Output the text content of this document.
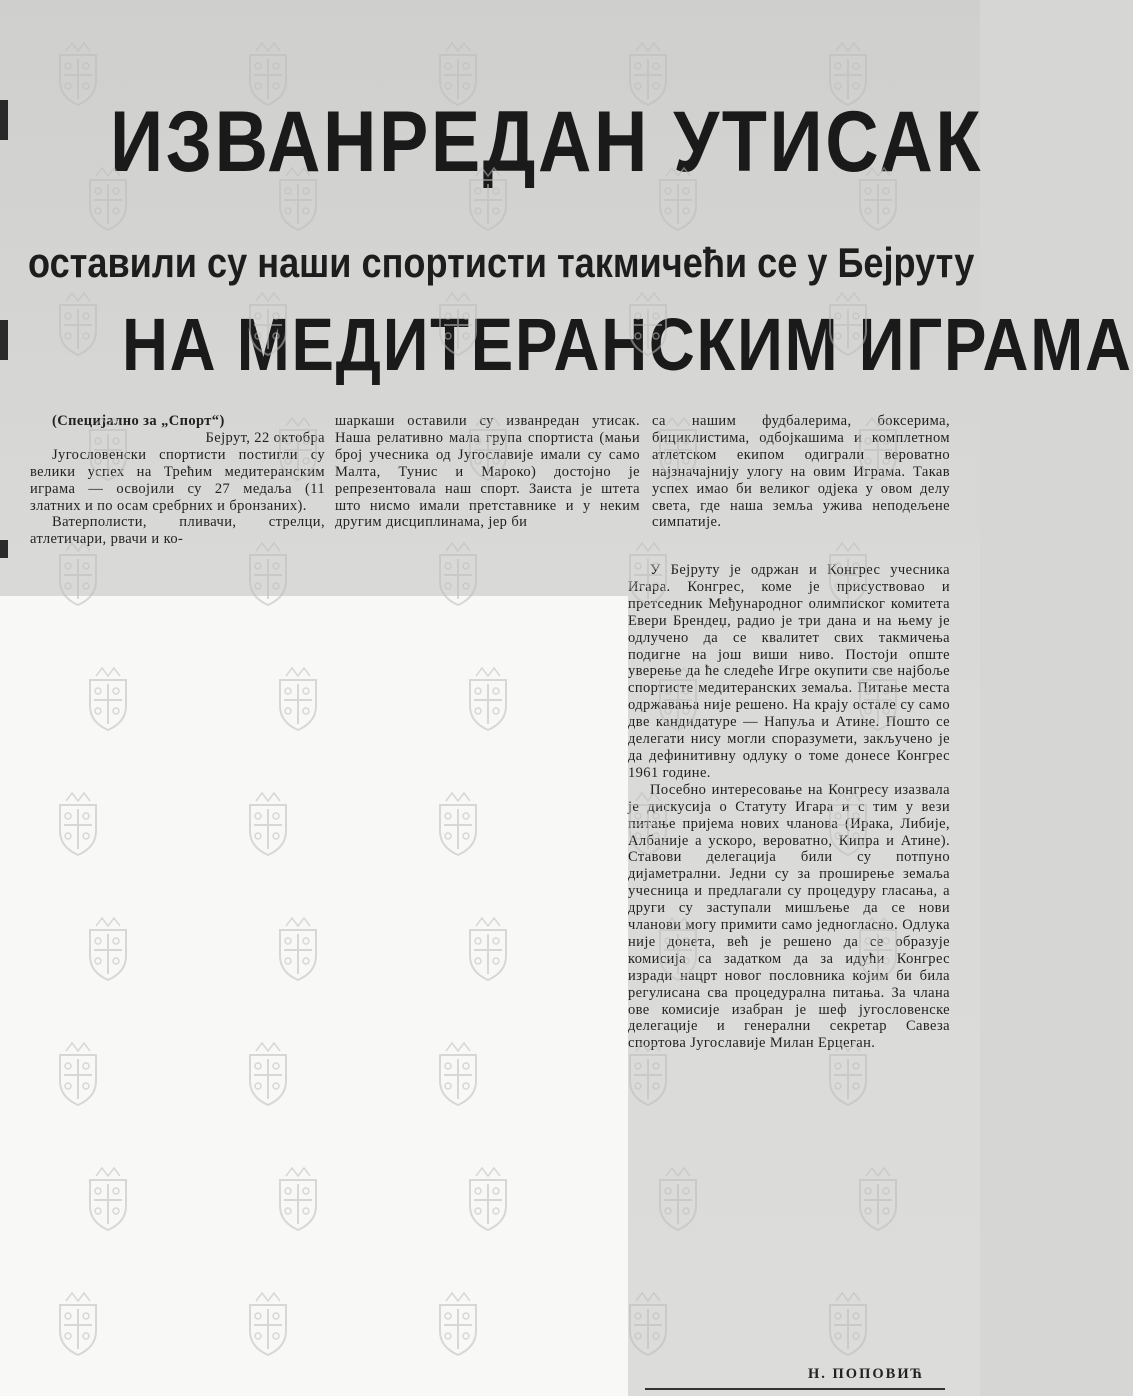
ИЗВАНРЕДАН УТИСАК
оставили су наши спортисти такмичећи се у Бејруту
НА МЕДИТЕРАНСКИМ ИГРАМА

(Специјално за „Спорт“)

Бејрут, 22 октобра

Југословенски спортисти постигли су велики успех на Трећим медитеранским играма — освојили су 27 медаља (11 златних и по осам сребрних и бронзаних).

Ватерполисти, пливачи, стрелци, атлетичари, рвачи и ко-

шаркаши оставили су изванредан утисак. Наша релативно мала група спортиста (мањи број учесника од Југославије имали су само Малта, Тунис и Мароко) достојно је репрезентовала наш спорт. Заиста је штета што нисмо имали претставнике и у неким другим дисциплинама, јер би

са нашим фудбалерима, боксерима, бициклистима, одбојкашима и комплетном атлетском екипом одиграли вероватно најзначајнију улогу на овим Играма. Такав успех имао би великог одјека у овом делу света, где наша земља ужива неподељене симпатије.

У Бејруту је одржан и Конгрес учесника Игара. Конгрес, коме је присуствовао и претседник Међународног олимписког комитета Евери Брендеџ, радио је три дана и на њему је одлучено да се квалитет свих такмичења подигне на још виши ниво. Постоји опште уверење да ће следеће Игре окупити све најбоље спортисте медитеранских земаља. Питање места одржавања није решено. На крају остале су само две кандидатуре — Напуља и Атине. Пошто се делегати нису могли споразумети, закључено је да дефинитивну одлуку о томе донесе Конгрес 1961 године.

Посебно интересовање на Конгресу изазвала је дискусија о Статуту Игара и с тим у вези питање пријема нових чланова (Ирака, Либије, Албаније а ускоро, вероватно, Кипра и Атине). Ставови делегација били су потпуно дијаметрални. Једни су за проширење земаља учесница и предлагали су процедуру гласања, а други су заступали мишљење да се нови чланови могу примити само једногласно. Одлука није донета, већ је решено да се образује комисија са задатком да за идући Конгрес изради нацрт новог пословника којим би била регулисана сва процедурална питања. За члана ове комисије изабран је шеф југословенске делегације и генерални секретар Савеза спортова Југославије Милан Ерцеган.

Н. ПОПОВИЋ
